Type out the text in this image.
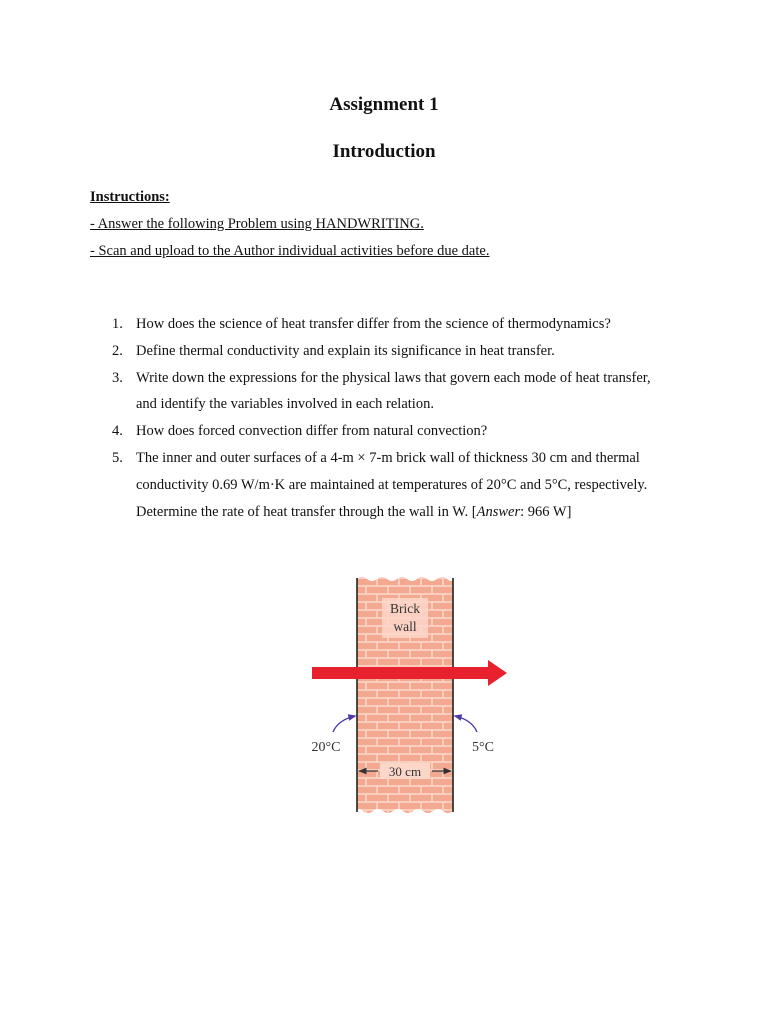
Assignment 1
Introduction
Instructions:
- Answer the following Problem using HANDWRITING.
- Scan and upload to the Author individual activities before due date.
1. How does the science of heat transfer differ from the science of thermodynamics?
2. Define thermal conductivity and explain its significance in heat transfer.
3. Write down the expressions for the physical laws that govern each mode of heat transfer,
and identify the variables involved in each relation.
4. How does forced convection differ from natural convection?
5. The inner and outer surfaces of a 4-m × 7-m brick wall of thickness 30 cm and thermal
conductivity 0.69 W/m·K are maintained at temperatures of 20°C and 5°C, respectively.
Determine the rate of heat transfer through the wall in W. [Answer: 966 W]
Brick
wall
20°C	5°C
30 cm
